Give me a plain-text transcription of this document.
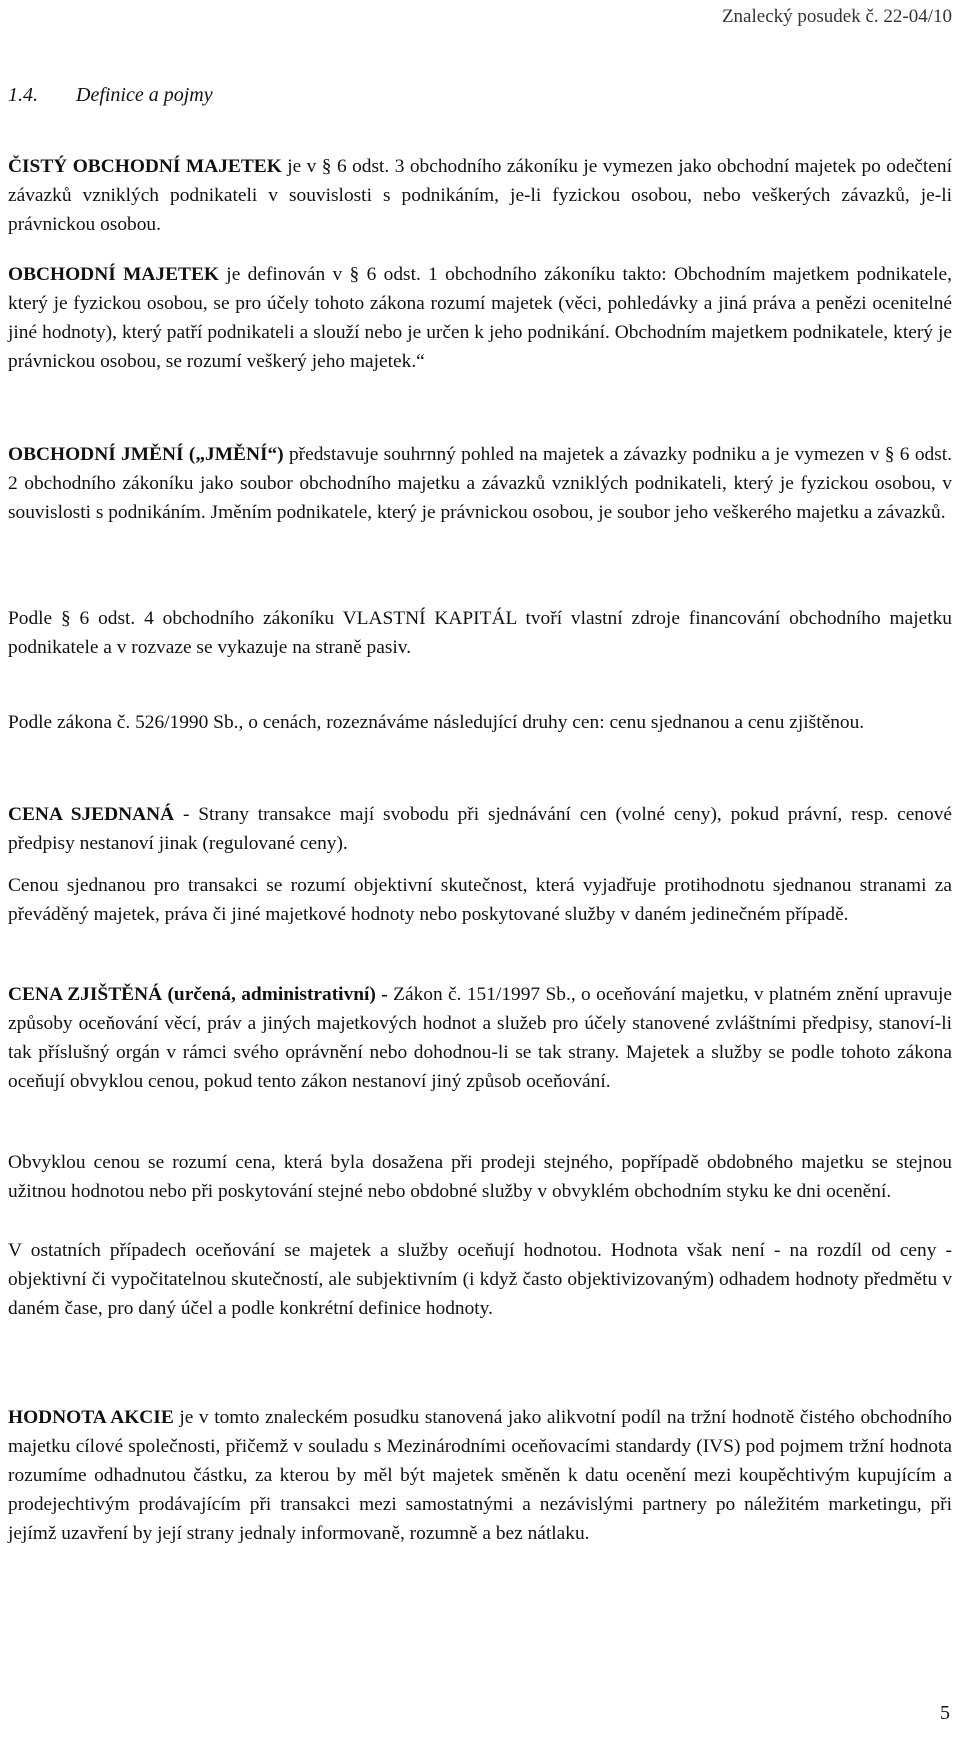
Znalecký posudek č. 22-04/10
1.4. Definice a pojmy

ČISTÝ OBCHODNÍ MAJETEK je v § 6 odst. 3 obchodního zákoníku je vymezen jako obchodní majetek po odečtení závazků vzniklých podnikateli v souvislosti s podnikáním, je-li fyzickou osobou, nebo veškerých závazků, je-li právnickou osobou.

OBCHODNÍ MAJETEK je definován v § 6 odst. 1 obchodního zákoníku takto: Obchodním majetkem podnikatele, který je fyzickou osobou, se pro účely tohoto zákona rozumí majetek (věci, pohledávky a jiná práva a penězi ocenitelné jiné hodnoty), který patří podnikateli a slouží nebo je určen k jeho podnikání. Obchodním majetkem podnikatele, který je právnickou osobou, se rozumí veškerý jeho majetek.“

OBCHODNÍ JMĚNÍ („JMĚNÍ“) představuje souhrnný pohled na majetek a závazky podniku a je vymezen v § 6 odst. 2 obchodního zákoníku jako soubor obchodního majetku a závazků vzniklých podnikateli, který je fyzickou osobou, v souvislosti s podnikáním. Jměním podnikatele, který je právnickou osobou, je soubor jeho veškerého majetku a závazků.

Podle § 6 odst. 4 obchodního zákoníku VLASTNÍ KAPITÁL tvoří vlastní zdroje financování obchodního majetku podnikatele a v rozvaze se vykazuje na straně pasiv.

Podle zákona č. 526/1990 Sb., o cenách, rozeznáváme následující druhy cen: cenu sjednanou a cenu zjištěnou.

CENA SJEDNANÁ - Strany transakce mají svobodu při sjednávání cen (volné ceny), pokud právní, resp. cenové předpisy nestanoví jinak (regulované ceny).

Cenou sjednanou pro transakci se rozumí objektivní skutečnost, která vyjadřuje protihodnotu sjednanou stranami za převáděný majetek, práva či jiné majetkové hodnoty nebo poskytované služby v daném jedinečném případě.

CENA ZJIŠTĚNÁ (určená, administrativní) - Zákon č. 151/1997 Sb., o oceňování majetku, v platném znění upravuje způsoby oceňování věcí, práv a jiných majetkových hodnot a služeb pro účely stanovené zvláštními předpisy, stanoví-li tak příslušný orgán v rámci svého oprávnění nebo dohodnou-li se tak strany. Majetek a služby se podle tohoto zákona oceňují obvyklou cenou, pokud tento zákon nestanoví jiný způsob oceňování.

Obvyklou cenou se rozumí cena, která byla dosažena při prodeji stejného, popřípadě obdobného majetku se stejnou užitnou hodnotou nebo při poskytování stejné nebo obdobné služby v obvyklém obchodním styku ke dni ocenění.

V ostatních případech oceňování se majetek a služby oceňují hodnotou. Hodnota však není - na rozdíl od ceny - objektivní či vypočitatelnou skutečností, ale subjektivním (i když často objektivizovaným) odhadem hodnoty předmětu v daném čase, pro daný účel a podle konkrétní definice hodnoty.

HODNOTA AKCIE je v tomto znaleckém posudku stanovená jako alikvotní podíl na tržní hodnotě čistého obchodního majetku cílové společnosti, přičemž v souladu s Mezinárodními oceňovacími standardy (IVS) pod pojmem tržní hodnota rozumíme odhadnutou částku, za kterou by měl být majetek směněn k datu ocenění mezi koupěchtivým kupujícím a prodejechtivým prodávajícím při transakci mezi samostatnými a nezávislými partnery po náležitém marketingu, při jejímž uzavření by její strany jednaly informovaně, rozumně a bez nátlaku.

5
